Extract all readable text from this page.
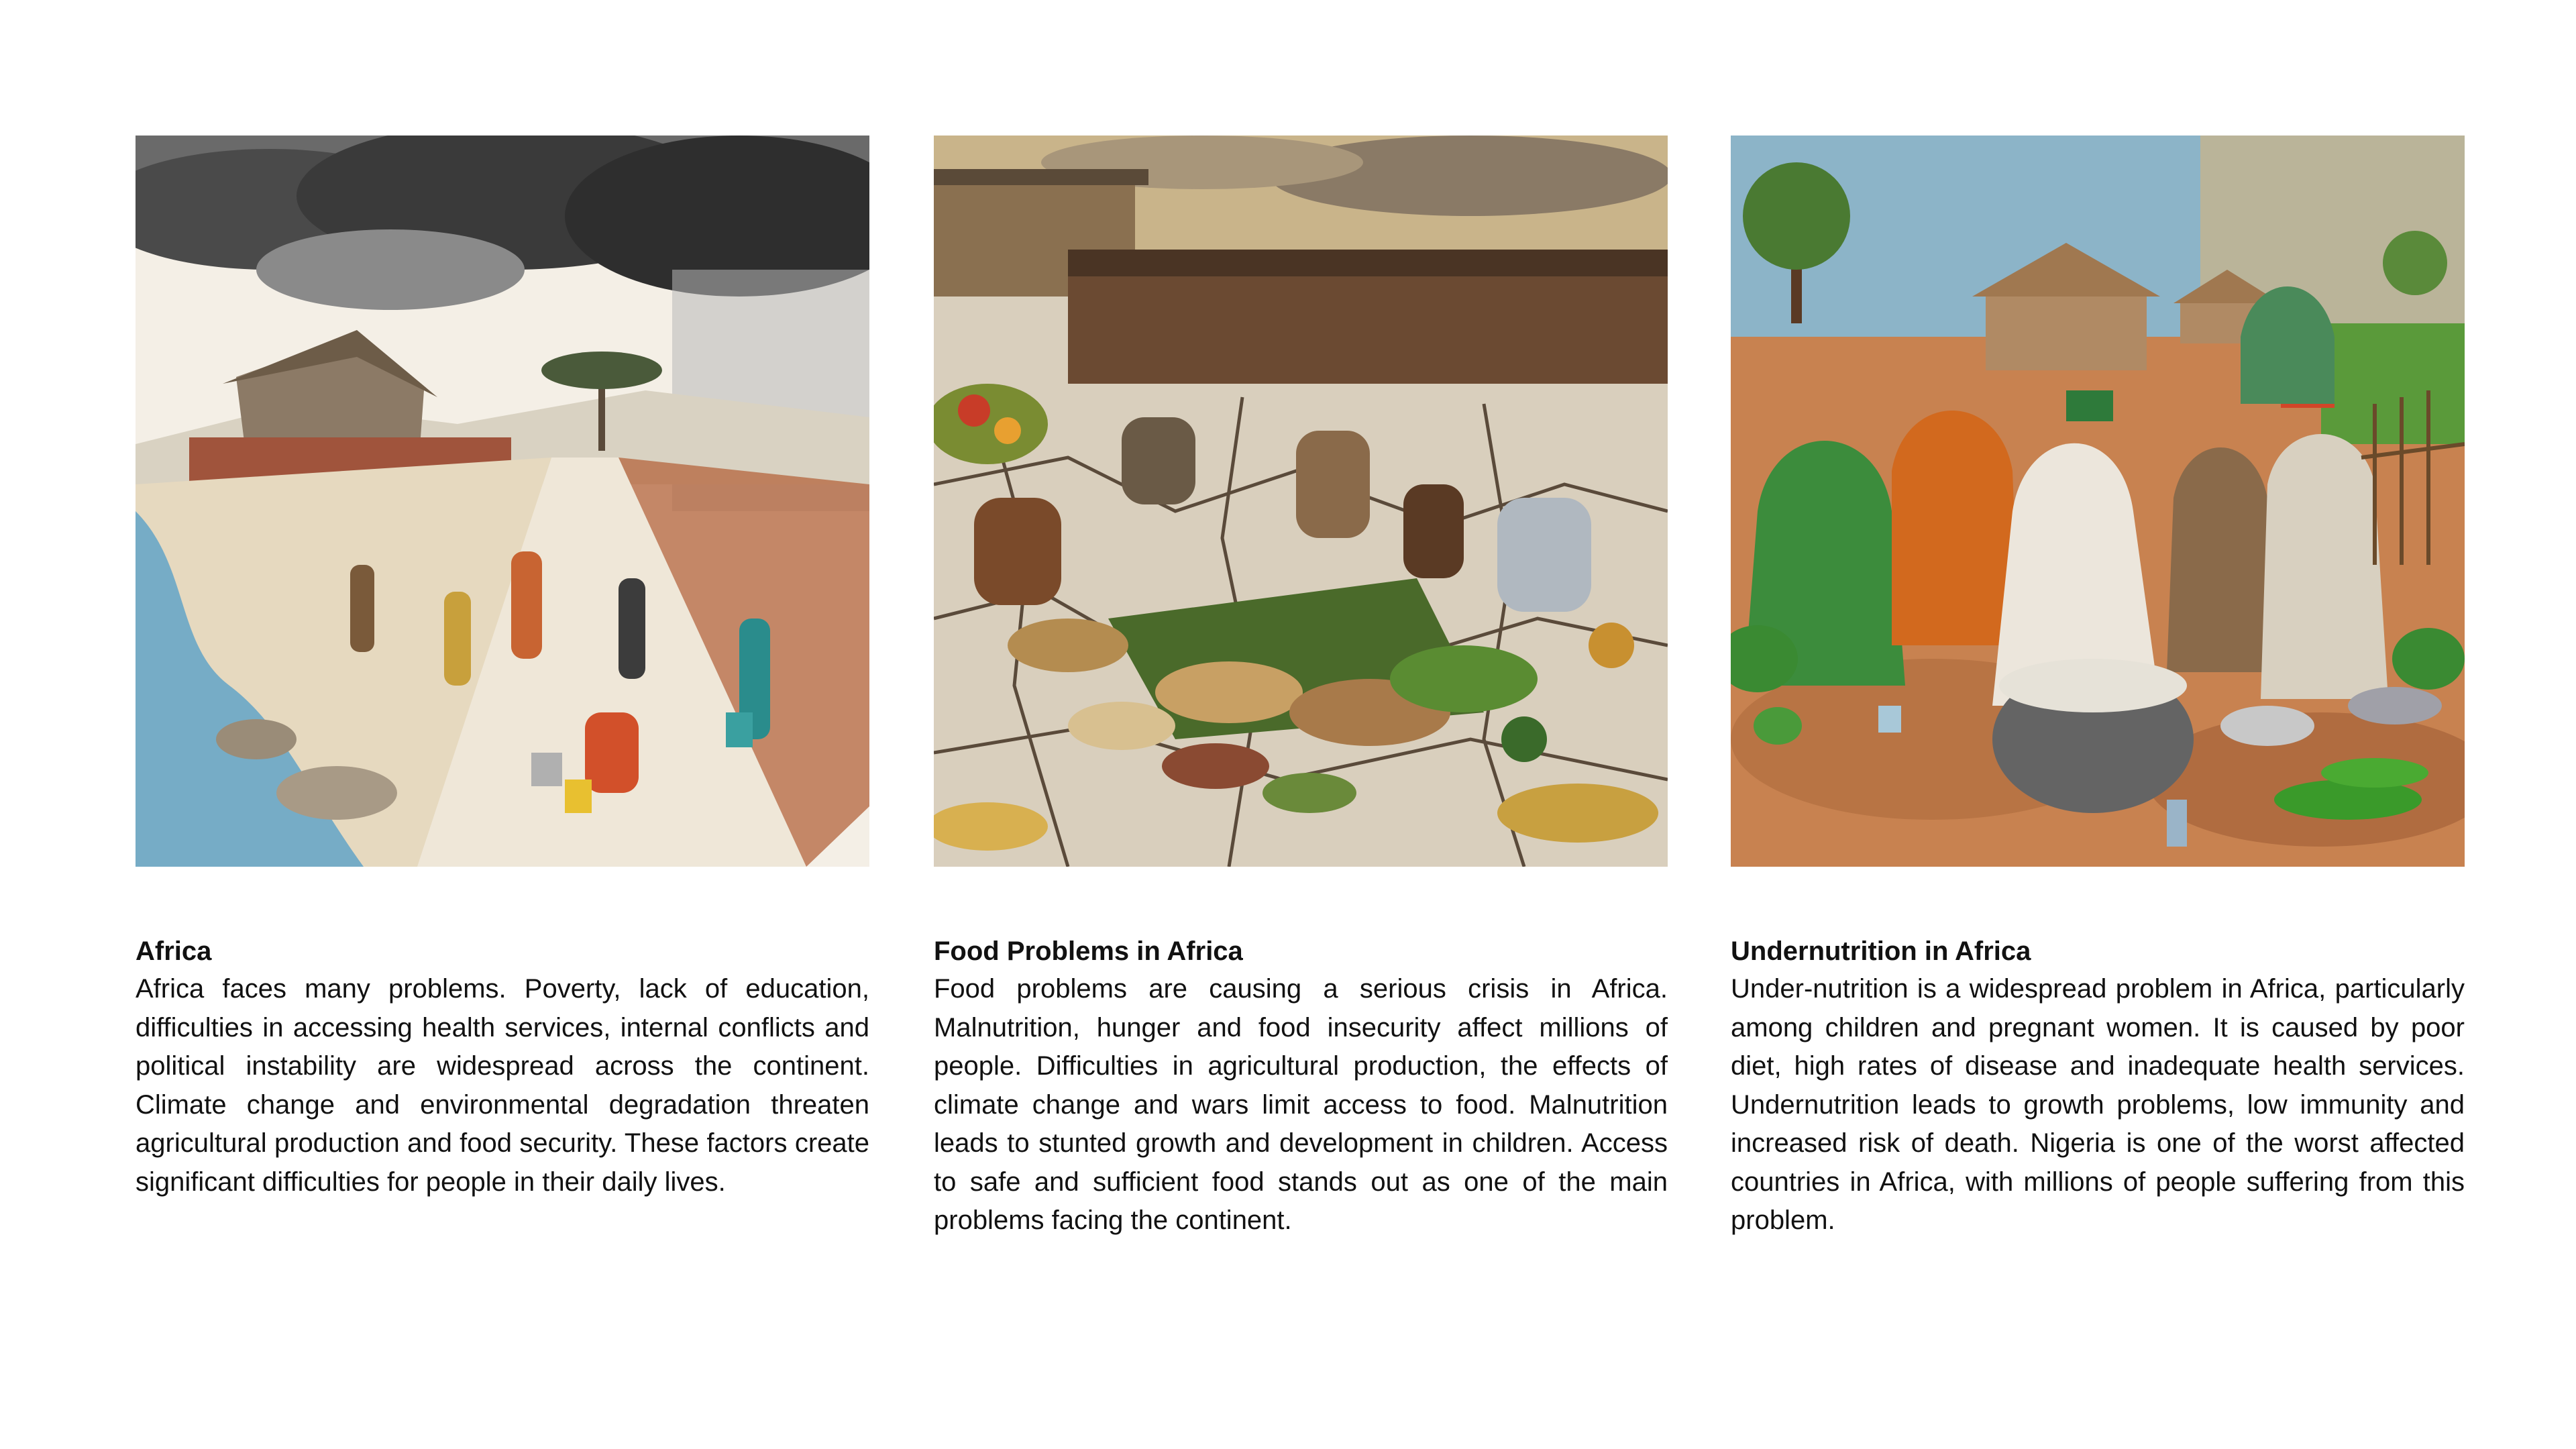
Africa

Africa faces many problems. Poverty, lack of education, difficulties in accessing health services, internal conflicts and political instability are widespread across the continent. Climate change and environmental degradation threaten agricultural production and food security. These factors create significant difficulties for people in their daily lives.

Food Problems in Africa

Food problems are causing a serious crisis in Africa. Malnutrition, hunger and food insecurity affect millions of people. Difficulties in agricultural production, the effects of climate change and wars limit access to food. Malnutrition leads to stunted growth and development in children. Access to safe and sufficient food stands out as one of the main problems facing the continent.

Undernutrition in Africa

Under-nutrition is a widespread problem in Africa, particularly among children and pregnant women. It is caused by poor diet, high rates of disease and inadequate health services. Undernutrition leads to growth problems, low immunity and increased risk of death. Nigeria is one of the worst affected countries in Africa, with millions of people suffering from this problem.
